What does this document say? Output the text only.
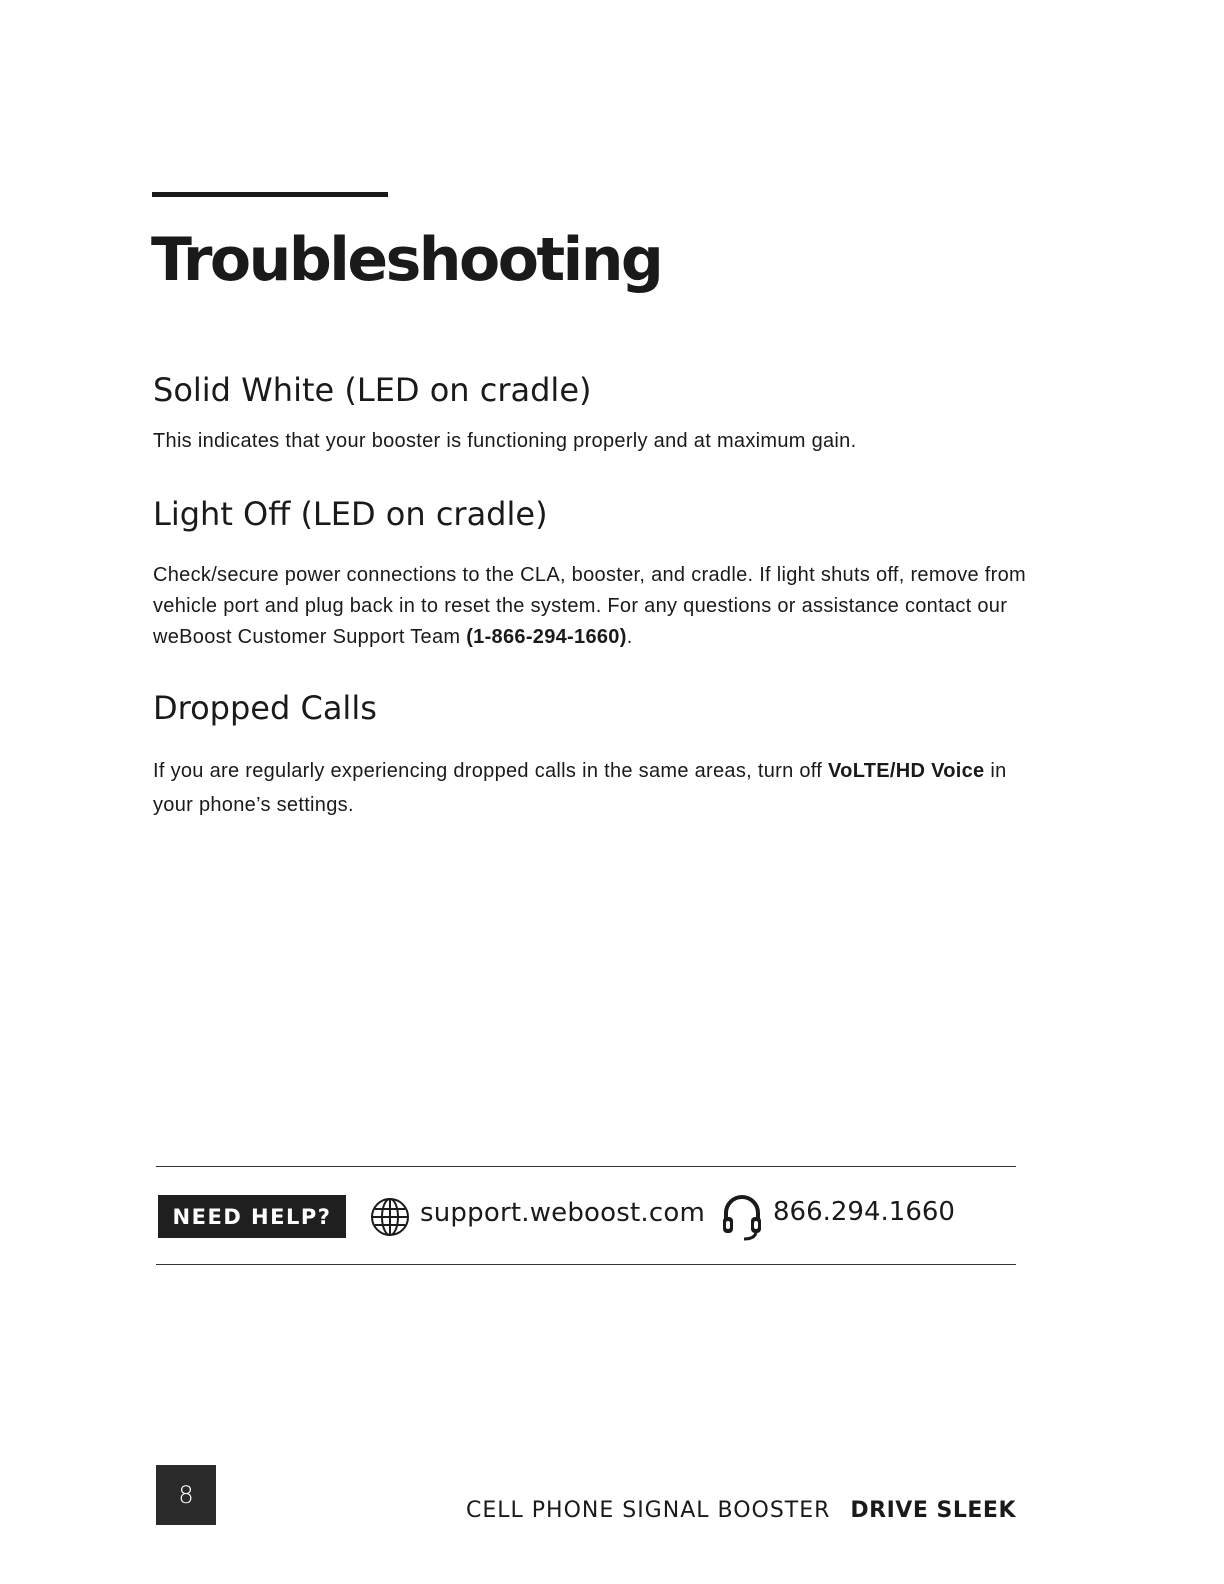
Troubleshooting
Solid White (LED on cradle)

This indicates that your booster is functioning properly and at maximum gain.

Light Off (LED on cradle)

Check/secure power connections to the CLA, booster, and cradle. If light shuts off, remove from vehicle port and plug back in to reset the system. For any questions or assistance contact our weBoost Customer Support Team (1-866-294-1660).

Dropped Calls

If you are regularly experiencing dropped calls in the same areas, turn off VoLTE/HD Voice in your phone’s settings.

NEED HELP?	support.weboost.com	866.294.1660
8
CELL PHONE SIGNAL BOOSTER DRIVE SLEEK
